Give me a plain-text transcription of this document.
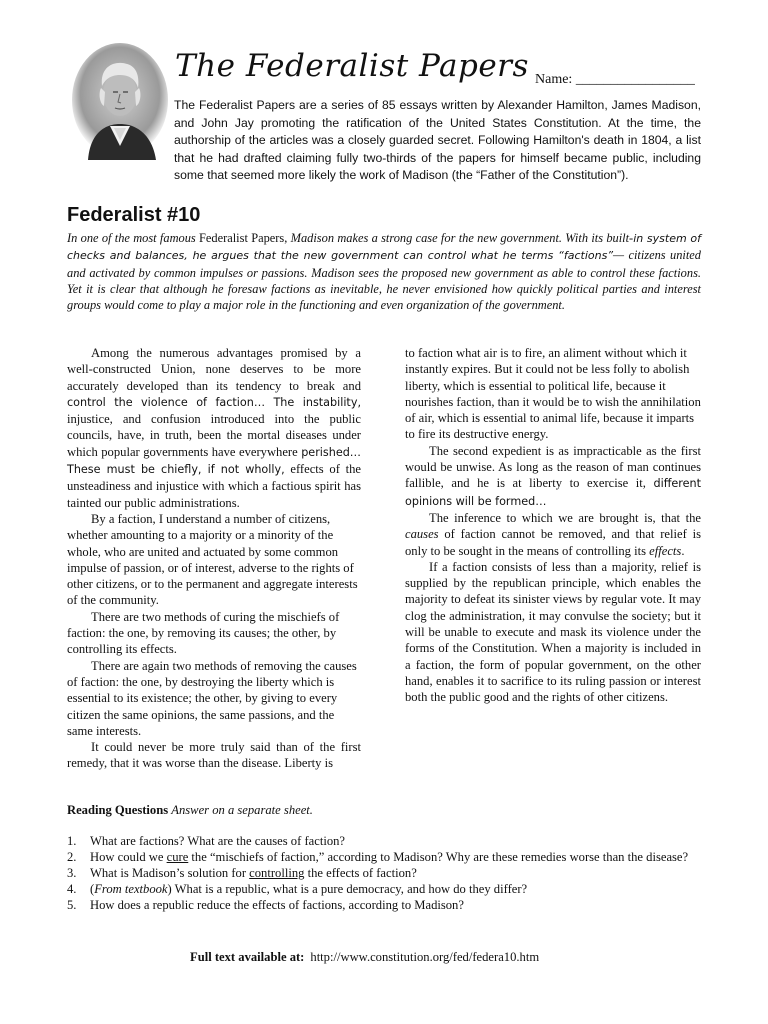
The Federalist Papers Name: _________________
The Federalist Papers are a series of 85 essays written by Alexander Hamilton, James Madison, and John Jay promoting the ratification of the United States Constitution. At the time, the authorship of the articles was a closely guarded secret. Following Hamilton's death in 1804, a list that he had drafted claiming fully two-thirds of the papers for himself became public, including some that seemed more likely the work of Madison (the “Father of the Constitution”).
Federalist #10
In one of the most famous Federalist Papers, Madison makes a strong case for the new government. With its built-in system of checks and balances, he argues that the new government can control what he terms “factions”— citizens united and activated by common impulses or passions. Madison sees the proposed new government as able to control these factions. Yet it is clear that although he foresaw factions as inevitable, he never envisioned how quickly political parties and interest groups would come to play a major role in the functioning and even organization of the government.

Among the numerous advantages promised by a well-constructed Union, none deserves to be more accurately developed than its tendency to break and control the violence of faction… The instability, injustice, and confusion introduced into the public councils, have, in truth, been the mortal diseases under which popular governments have everywhere perished… These must be chiefly, if not wholly, effects of the unsteadiness and injustice with which a factious spirit has tainted our public administrations.

By a faction, I understand a number of citizens, whether amounting to a majority or a minority of the whole, who are united and actuated by some common impulse of passion, or of interest, adverse to the rights of other citizens, or to the permanent and aggregate interests of the community.

There are two methods of curing the mischiefs of faction: the one, by removing its causes; the other, by controlling its effects.

There are again two methods of removing the causes of faction: the one, by destroying the liberty which is essential to its existence; the other, by giving to every citizen the same opinions, the same passions, and the same interests.

It could never be more truly said than of the first remedy, that it was worse than the disease. Liberty is

to faction what air is to fire, an aliment without which it instantly expires. But it could not be less folly to abolish liberty, which is essential to political life, because it nourishes faction, than it would be to wish the annihilation of air, which is essential to animal life, because it imparts to fire its destructive energy.

The second expedient is as impracticable as the first would be unwise. As long as the reason of man continues fallible, and he is at liberty to exercise it, different opinions will be formed…

The inference to which we are brought is, that the causes of faction cannot be removed, and that relief is only to be sought in the means of controlling its effects.

If a faction consists of less than a majority, relief is supplied by the republican principle, which enables the majority to defeat its sinister views by regular vote. It may clog the administration, it may convulse the society; but it will be unable to execute and mask its violence under the forms of the Constitution. When a majority is included in a faction, the form of popular government, on the other hand, enables it to sacrifice to its ruling passion or interest both the public good and the rights of other citizens.

Reading Questions Answer on a separate sheet.
1. What are factions? What are the causes of faction?
2. How could we cure the “mischiefs of faction,” according to Madison? Why are these remedies worse than the disease?
3. What is Madison’s solution for controlling the effects of faction?
4. (From textbook) What is a republic, what is a pure democracy, and how do they differ?
5. How does a republic reduce the effects of factions, according to Madison?
Full text available at: http://www.constitution.org/fed/federa10.htm
